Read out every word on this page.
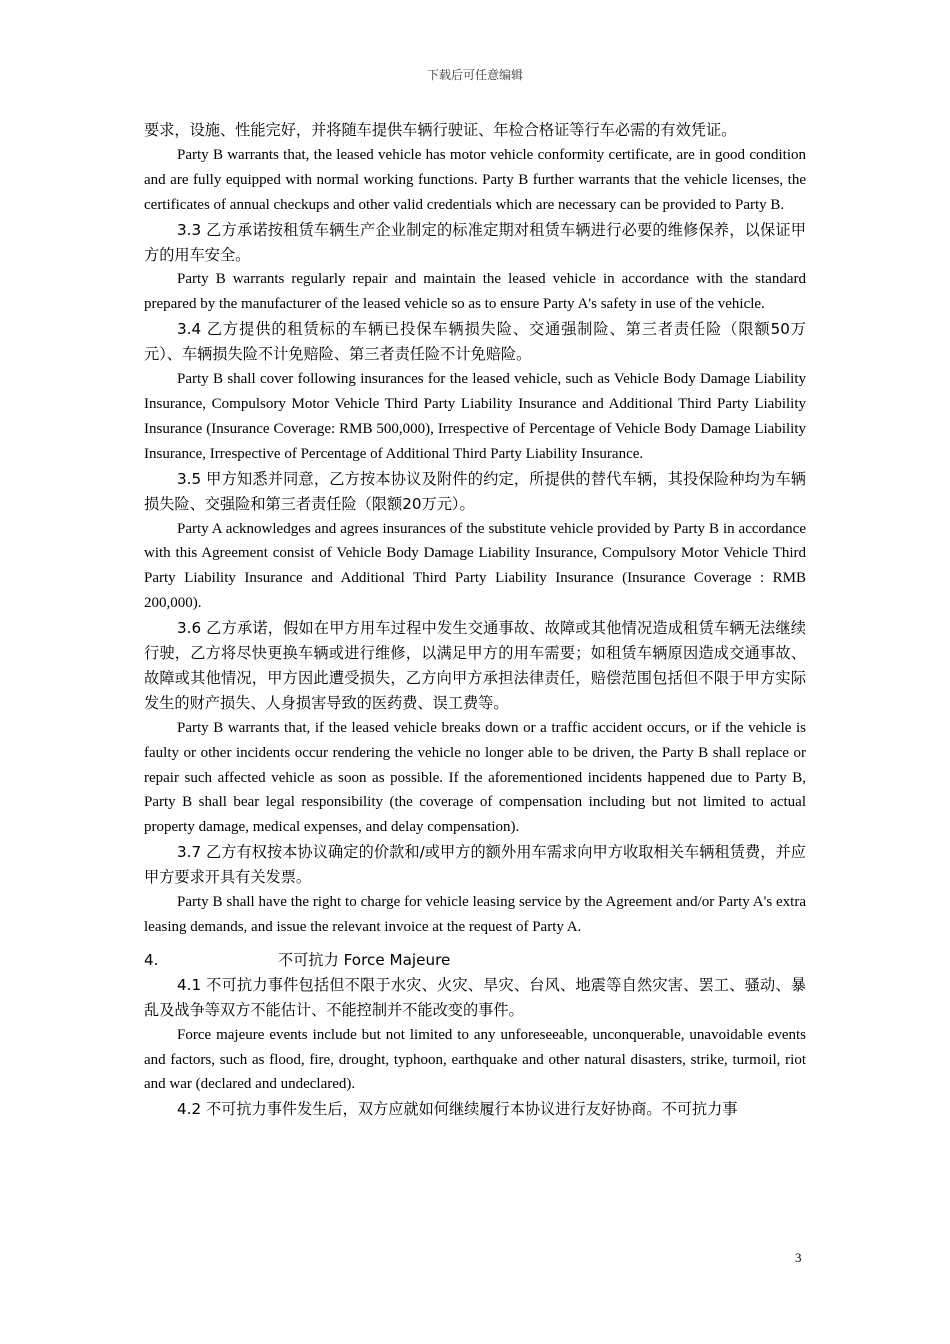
下载后可任意编辑

要求，设施、性能完好，并将随车提供车辆行驶证、年检合格证等行车必需的有效凭证。

Party B warrants that, the leased vehicle has motor vehicle conformity certificate, are in good condition and are fully equipped with normal working functions. Party B further warrants that the vehicle licenses, the certificates of annual checkups and other valid credentials which are necessary can be provided to Party B.

3.3 乙方承诺按租赁车辆生产企业制定的标准定期对租赁车辆进行必要的维修保养，以保证甲方的用车安全。

Party B warrants regularly repair and maintain the leased vehicle in accordance with the standard prepared by the manufacturer of the leased vehicle so as to ensure Party A's safety in use of the vehicle.

3.4 乙方提供的租赁标的车辆已投保车辆损失险、交通强制险、第三者责任险（限额50万元）、车辆损失险不计免赔险、第三者责任险不计免赔险。

Party B shall cover following insurances for the leased vehicle, such as Vehicle Body Damage Liability Insurance, Compulsory Motor Vehicle Third Party Liability Insurance and Additional Third Party Liability Insurance (Insurance Coverage: RMB 500,000), Irrespective of Percentage of Vehicle Body Damage Liability Insurance, Irrespective of Percentage of Additional Third Party Liability Insurance.

3.5 甲方知悉并同意，乙方按本协议及附件的约定，所提供的替代车辆，其投保险种均为车辆损失险、交强险和第三者责任险（限额20万元）。

Party A acknowledges and agrees insurances of the substitute vehicle provided by Party B in accordance with this Agreement consist of Vehicle Body Damage Liability Insurance, Compulsory Motor Vehicle Third Party Liability Insurance and Additional Third Party Liability Insurance (Insurance Coverage : RMB 200,000).

3.6 乙方承诺，假如在甲方用车过程中发生交通事故、故障或其他情况造成租赁车辆无法继续行驶，乙方将尽快更换车辆或进行维修，以满足甲方的用车需要；如租赁车辆原因造成交通事故、故障或其他情况，甲方因此遭受损失，乙方向甲方承担法律责任，赔偿范围包括但不限于甲方实际发生的财产损失、人身损害导致的医药费、误工费等。

Party B warrants that, if the leased vehicle breaks down or a traffic accident occurs, or if the vehicle is faulty or other incidents occur rendering the vehicle no longer able to be driven, the Party B shall replace or repair such affected vehicle as soon as possible. If the aforementioned incidents happened due to Party B, Party B shall bear legal responsibility (the coverage of compensation including but not limited to actual property damage, medical expenses, and delay compensation).

3.7 乙方有权按本协议确定的价款和/或甲方的额外用车需求向甲方收取相关车辆租赁费，并应甲方要求开具有关发票。

Party B shall have the right to charge for vehicle leasing service by the Agreement and/or Party A's extra leasing demands, and issue the relevant invoice at the request of Party A.

4.	不可抗力 Force Majeure

4.1 不可抗力事件包括但不限于水灾、火灾、旱灾、台风、地震等自然灾害、罢工、骚动、暴乱及战争等双方不能估计、不能控制并不能改变的事件。

Force majeure events include but not limited to any unforeseeable, unconquerable, unavoidable events and factors, such as flood, fire, drought, typhoon, earthquake and other natural disasters, strike, turmoil, riot and war (declared and undeclared).

4.2 不可抗力事件发生后，双方应就如何继续履行本协议进行友好协商。不可抗力事

3
